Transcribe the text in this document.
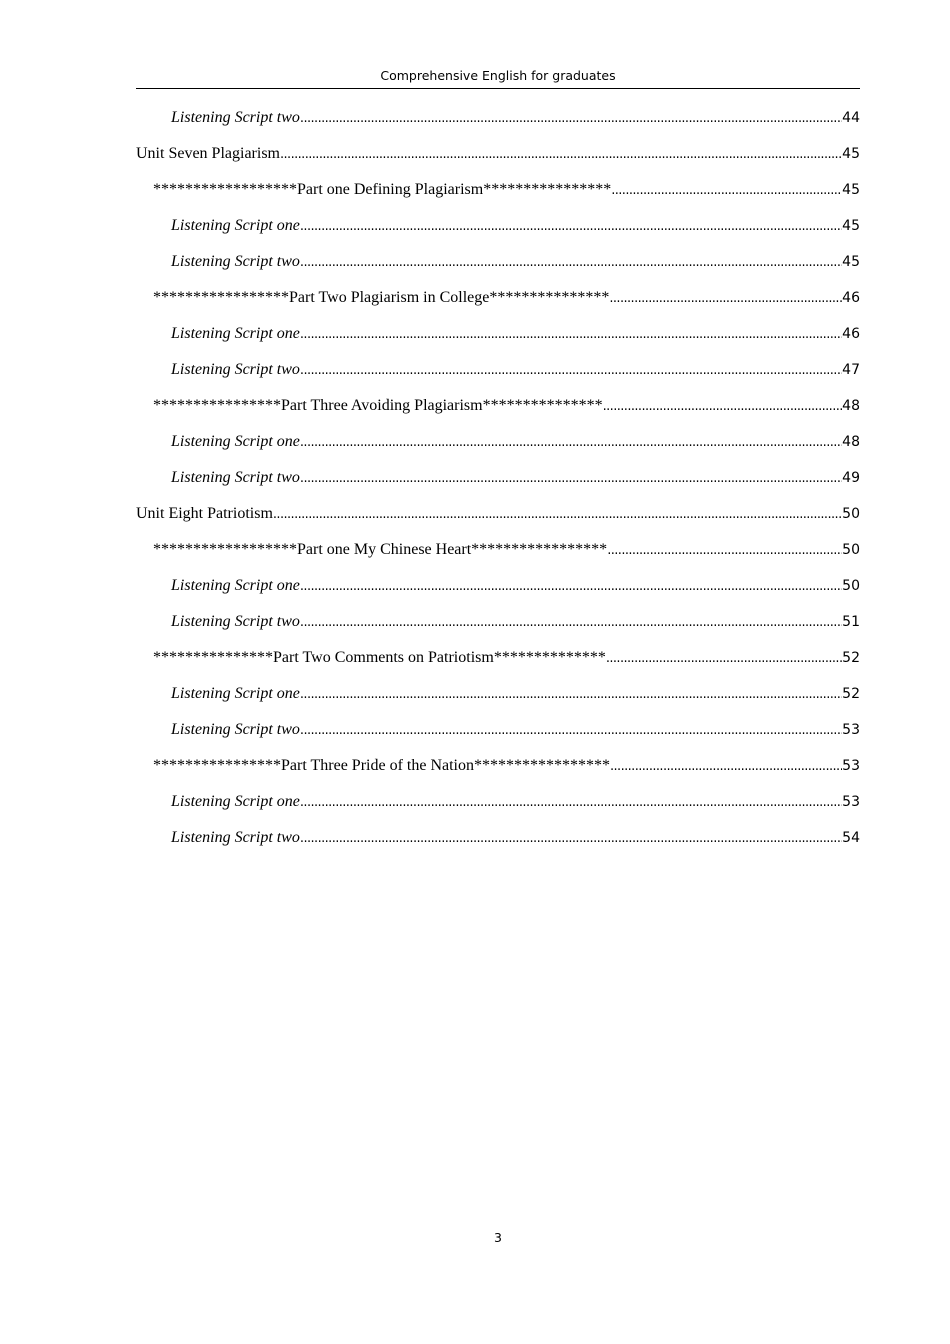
Comprehensive English for graduates
Listening Script two .....	44
Unit Seven Plagiarism .....	45
******************Part one Defining Plagiarism**************** .....	45
Listening Script one .....	45
Listening Script two .....	45
*****************Part Two Plagiarism in College*************** .....	46
Listening Script one .....	46
Listening Script two .....	47
****************Part Three Avoiding Plagiarism*************** .....	48
Listening Script one .....	48
Listening Script two .....	49
Unit Eight Patriotism .....	50
******************Part one My Chinese Heart***************** .....	50
Listening Script one .....	50
Listening Script two .....	51
***************Part Two Comments on Patriotism************** .....	52
Listening Script one .....	52
Listening Script two .....	53
****************Part Three Pride of the Nation***************** .....	53
Listening Script one .....	53
Listening Script two .....	54
3
